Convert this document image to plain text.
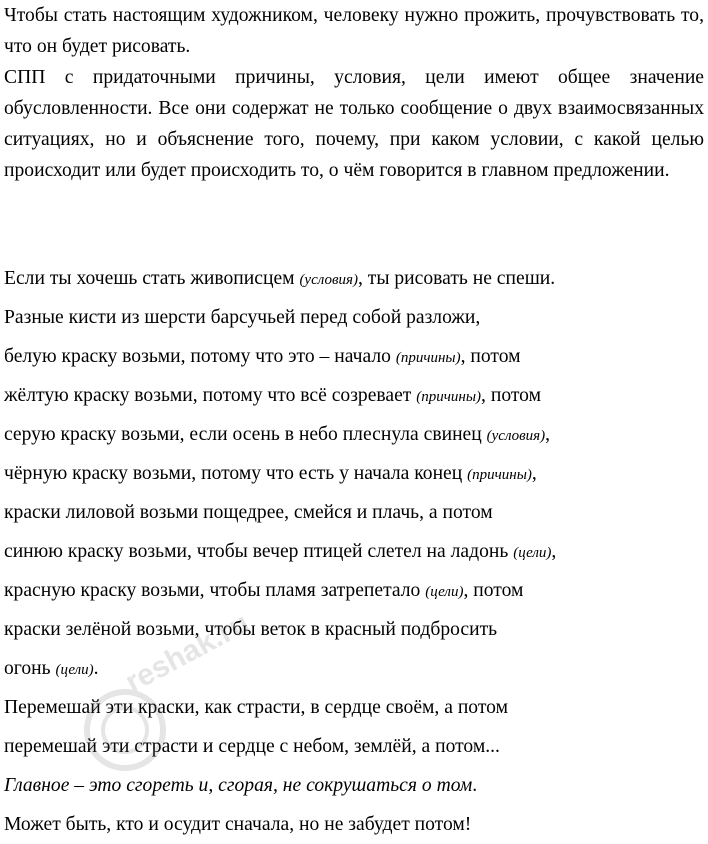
Чтобы стать настоящим художником, человеку нужно прожить, прочувствовать то, что он будет рисовать.

СПП с придаточными причины, условия, цели имеют общее значение обусловленности. Все они содержат не только сообщение о двух взаимосвязанных ситуациях, но и объяснение того, почему, при каком условии, с какой целью происходит или будет происходить то, о чём говорится в главном предложении.

Если ты хочешь стать живописцем (условия), ты рисовать не спеши.
Разные кисти из шерсти барсучьей перед собой разложи,
белую краску возьми, потому что это – начало (причины), потом
жёлтую краску возьми, потому что всё созревает (причины), потом
серую краску возьми, если осень в небо плеснула свинец (условия),
чёрную краску возьми, потому что есть у начала конец (причины),
краски лиловой возьми пощедрее, смейся и плачь, а потом
синюю краску возьми, чтобы вечер птицей слетел на ладонь (цели),
красную краску возьми, чтобы пламя затрепетало (цели), потом
краски зелёной возьми, чтобы веток в красный подбросить
огонь (цели).
Перемешай эти краски, как страсти, в сердце своём, а потом
перемешай эти страсти и сердце с небом, землёй, а потом...
Главное – это сгореть и, сгорая, не сокрушаться о том.
Может быть, кто и осудит сначала, но не забудет потом!
reshak.ru
